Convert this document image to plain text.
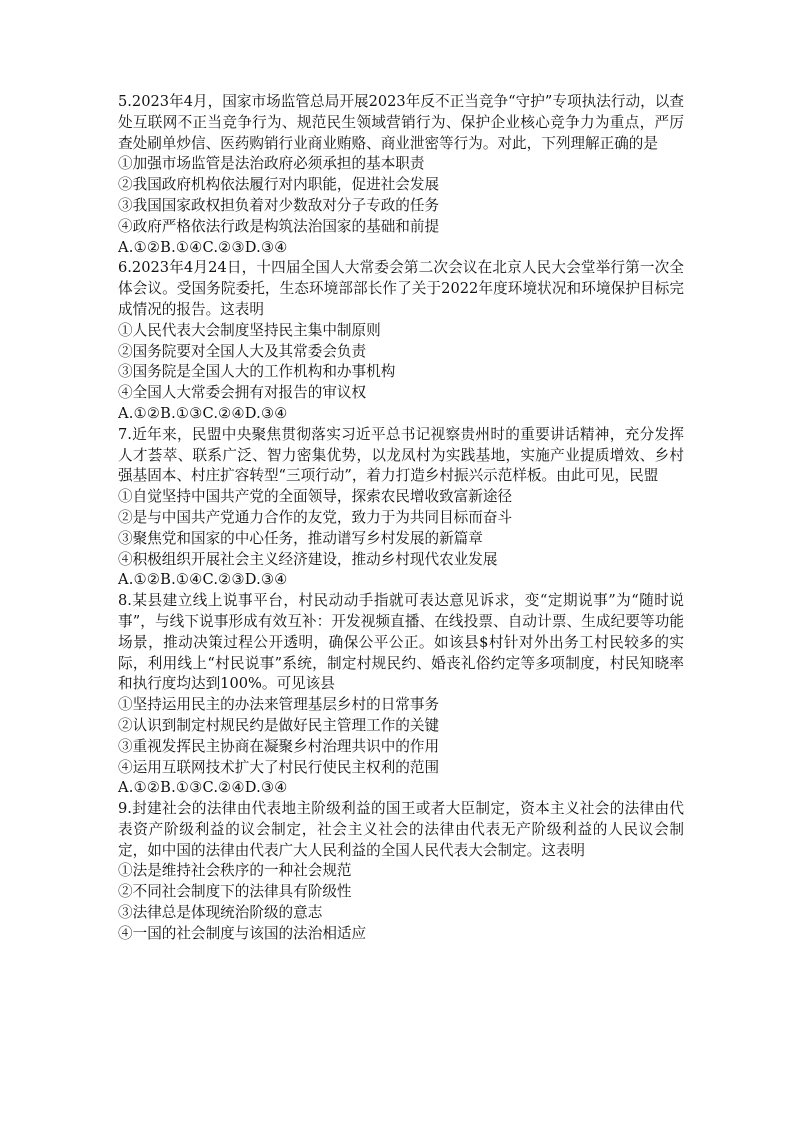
5.2023年4月，国家市场监管总局开展2023年反不正当竞争“守护”专项执法行动，以查处互联网不正当竞争行为、规范民生领域营销行为、保护企业核心竞争力为重点，严厉查处刷单炒信、医药购销行业商业贿赂、商业泄密等行为。对此，下列理解正确的是

①加强市场监管是法治政府必须承担的基本职责

②我国政府机构依法履行对内职能，促进社会发展

③我国国家政权担负着对少数敌对分子专政的任务

④政府严格依法行政是构筑法治国家的基础和前提

A.①②B.①④C.②③D.③④

6.2023年4月24日，十四届全国人大常委会第二次会议在北京人民大会堂举行第一次全体会议。受国务院委托，生态环境部部长作了关于2022年度环境状况和环境保护目标完成情况的报告。这表明

①人民代表大会制度坚持民主集中制原则

②国务院要对全国人大及其常委会负责

③国务院是全国人大的工作机构和办事机构

④全国人大常委会拥有对报告的审议权

A.①②B.①③C.②④D.③④

7.近年来，民盟中央聚焦贯彻落实习近平总书记视察贵州时的重要讲话精神，充分发挥人才荟萃、联系广泛、智力密集优势，以龙凤村为实践基地，实施产业提质增效、乡村强基固本、村庄扩容转型“三项行动”，着力打造乡村振兴示范样板。由此可见，民盟

①自觉坚持中国共产党的全面领导，探索农民增收致富新途径

②是与中国共产党通力合作的友党，致力于为共同目标而奋斗

③聚焦党和国家的中心任务，推动谱写乡村发展的新篇章

④积极组织开展社会主义经济建设，推动乡村现代农业发展

A.①②B.①④C.②③D.③④

8.某县建立线上说事平台，村民动动手指就可表达意见诉求，变“定期说事”为“随时说事”，与线下说事形成有效互补：开发视频直播、在线投票、自动计票、生成纪要等功能场景，推动决策过程公开透明，确保公平公正。如该县$村针对外出务工村民较多的实际，利用线上“村民说事”系统，制定村规民约、婚丧礼俗约定等多项制度，村民知晓率和执行度均达到100%。可见该县

①坚持运用民主的办法来管理基层乡村的日常事务

②认识到制定村规民约是做好民主管理工作的关键

③重视发挥民主协商在凝聚乡村治理共识中的作用

④运用互联网技术扩大了村民行使民主权利的范围

A.①②B.①③C.②④D.③④

9.封建社会的法律由代表地主阶级利益的国王或者大臣制定，资本主义社会的法律由代表资产阶级利益的议会制定，社会主义社会的法律由代表无产阶级利益的人民议会制定，如中国的法律由代表广大人民利益的全国人民代表大会制定。这表明

①法是维持社会秩序的一种社会规范

②不同社会制度下的法律具有阶级性

③法律总是体现统治阶级的意志

④一国的社会制度与该国的法治相适应
